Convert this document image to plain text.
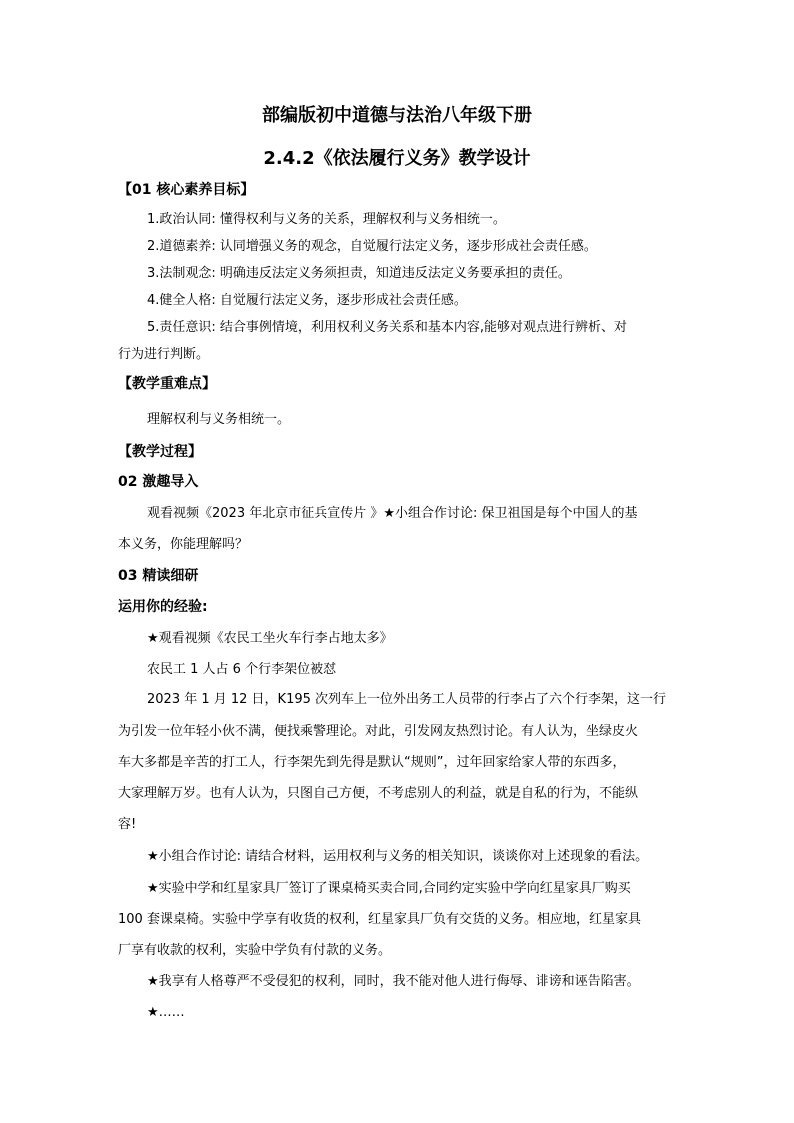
部编版初中道德与法治八年级下册
2.4.2《依法履行义务》教学设计
【01 核心素养目标】
1.政治认同: 懂得权利与义务的关系，理解权利与义务相统一。
2.道德素养: 认同增强义务的观念，自觉履行法定义务，逐步形成社会责任感。
3.法制观念: 明确违反法定义务须担责，知道违反法定义务要承担的责任。
4.健全人格: 自觉履行法定义务，逐步形成社会责任感。
5.责任意识: 结合事例情境，利用权利义务关系和基本内容,能够对观点进行辨析、对
行为进行判断。
【教学重难点】
理解权利与义务相统一。
【教学过程】
02 激趣导入
观看视频《2023 年北京市征兵宣传片 》★小组合作讨论: 保卫祖国是每个中国人的基
本义务，你能理解吗？
03 精读细研
运用你的经验:
★观看视频《农民工坐火车行李占地太多》
农民工 1 人占 6 个行李架位被怼
2023 年 1 月 12 日，K195 次列车上一位外出务工人员带的行李占了六个行李架，这一行
为引发一位年轻小伙不满，便找乘警理论。对此，引发网友热烈讨论。有人认为，坐绿皮火
车大多都是辛苦的打工人，行李架先到先得是默认“规则”，过年回家给家人带的东西多，
大家理解万岁。也有人认为，只图自己方便，不考虑别人的利益，就是自私的行为，不能纵
容!
★小组合作讨论: 请结合材料，运用权利与义务的相关知识，谈谈你对上述现象的看法。
★实验中学和红星家具厂签订了课桌椅买卖合同,合同约定实验中学向红星家具厂购买
100 套课桌椅。实验中学享有收货的权利，红星家具厂负有交货的义务。相应地，红星家具
厂享有收款的权利，实验中学负有付款的义务。
★我享有人格尊严不受侵犯的权利，同时，我不能对他人进行侮辱、诽谤和诬告陷害。
★……
